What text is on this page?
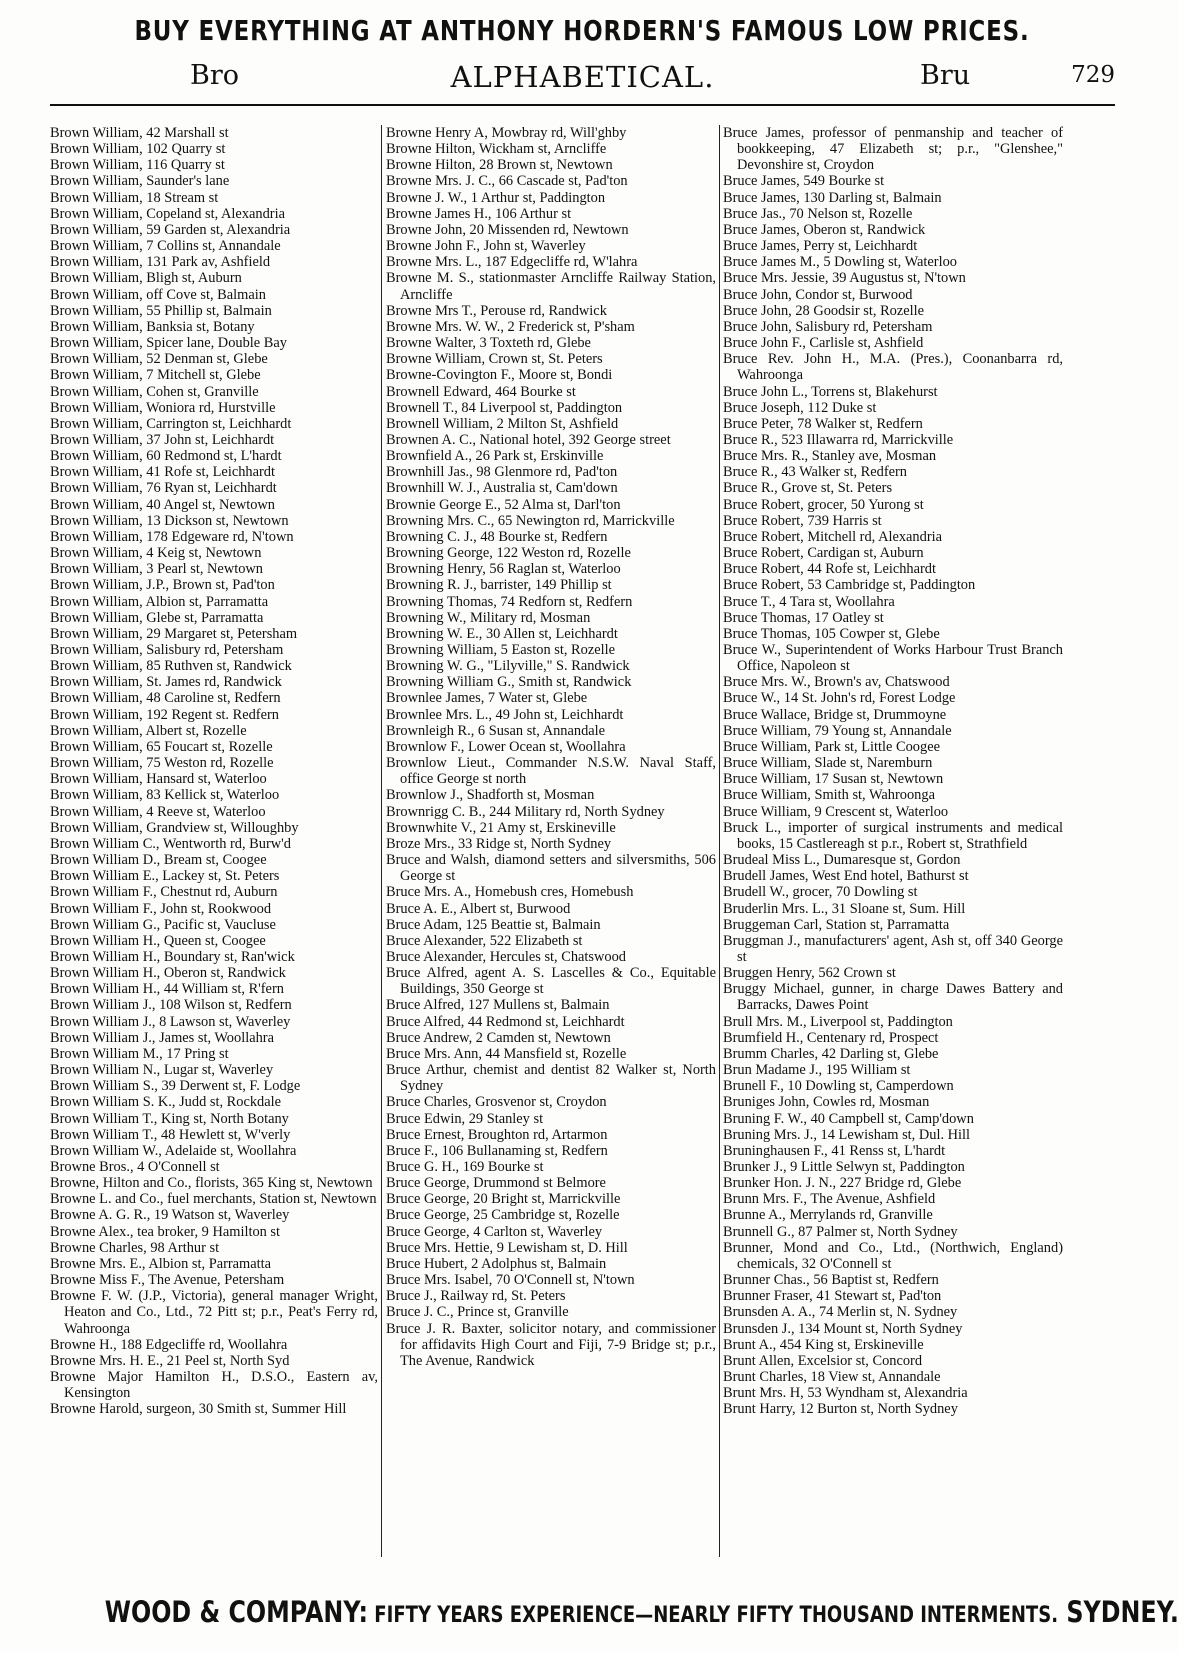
BUY EVERYTHING AT ANTHONY HORDERN'S FAMOUS LOW PRICES.
Bro	ALPHABETICAL.	Bru	729
Brown William, 42 Marshall st
Brown William, 102 Quarry st
Brown William, 116 Quarry st
Brown William, Saunder's lane
Brown William, 18 Stream st
Brown William, Copeland st, Alexandria
Brown William, 59 Garden st, Alexandria
Brown William, 7 Collins st, Annandale
Brown William, 131 Park av, Ashfield
Brown William, Bligh st, Auburn
Brown William, off Cove st, Balmain
Brown William, 55 Phillip st, Balmain
Brown William, Banksia st, Botany
Brown William, Spicer lane, Double Bay
Brown William, 52 Denman st, Glebe
Brown William, 7 Mitchell st, Glebe
Brown William, Cohen st, Granville
Brown William, Woniora rd, Hurstville
Brown William, Carrington st, Leichhardt
Brown William, 37 John st, Leichhardt
Brown William, 60 Redmond st, L'hardt
Brown William, 41 Rofe st, Leichhardt
Brown William, 76 Ryan st, Leichhardt
Brown William, 40 Angel st, Newtown
Brown William, 13 Dickson st, Newtown
Brown William, 178 Edgeware rd, N'town
Brown William, 4 Keig st, Newtown
Brown William, 3 Pearl st, Newtown
Brown William, J.P., Brown st, Pad'ton
Brown William, Albion st, Parramatta
Brown William, Glebe st, Parramatta
Brown William, 29 Margaret st, Petersham
Brown William, Salisbury rd, Petersham
Brown William, 85 Ruthven st, Randwick
Brown William, St. James rd, Randwick
Brown William, 48 Caroline st, Redfern
Brown William, 192 Regent st. Redfern
Brown William, Albert st, Rozelle
Brown William, 65 Foucart st, Rozelle
Brown William, 75 Weston rd, Rozelle
Brown William, Hansard st, Waterloo
Brown William, 83 Kellick st, Waterloo
Brown William, 4 Reeve st, Waterloo
Brown William, Grandview st, Willoughby
Brown William C., Wentworth rd, Burw'd
Brown William D., Bream st, Coogee
Brown William E., Lackey st, St. Peters
Brown William F., Chestnut rd, Auburn
Brown William F., John st, Rookwood
Brown William G., Pacific st, Vaucluse
Brown William H., Queen st, Coogee
Brown William H., Boundary st, Ran'wick
Brown William H., Oberon st, Randwick
Brown William H., 44 William st, R'fern
Brown William J., 108 Wilson st, Redfern
Brown William J., 8 Lawson st, Waverley
Brown William J., James st, Woollahra
Brown William M., 17 Pring st
Brown William N., Lugar st, Waverley
Brown William S., 39 Derwent st, F. Lodge
Brown William S. K., Judd st, Rockdale
Brown William T., King st, North Botany
Brown William T., 48 Hewlett st, W'verly
Brown William W., Adelaide st, Woollahra
Browne Bros., 4 O'Connell st
Browne, Hilton and Co., florists, 365 King st, Newtown
Browne L. and Co., fuel merchants, Station st, Newtown
Browne A. G. R., 19 Watson st, Waverley
Browne Alex., tea broker, 9 Hamilton st
Browne Charles, 98 Arthur st
Browne Mrs. E., Albion st, Parramatta
Browne Miss F., The Avenue, Petersham
Browne F. W. (J.P., Victoria), general manager Wright, Heaton and Co., Ltd., 72 Pitt st; p.r., Peat's Ferry rd, Wahroonga
Browne H., 188 Edgecliffe rd, Woollahra
Browne Mrs. H. E., 21 Peel st, North Syd
Browne Major Hamilton H., D.S.O., Eastern av, Kensington
Browne Harold, surgeon, 30 Smith st, Summer Hill
Browne Henry A, Mowbray rd, Will'ghby
Browne Hilton, Wickham st, Arncliffe
Browne Hilton, 28 Brown st, Newtown
Browne Mrs. J. C., 66 Cascade st, Pad'ton
Browne J. W., 1 Arthur st, Paddington
Browne James H., 106 Arthur st
Browne John, 20 Missenden rd, Newtown
Browne John F., John st, Waverley
Browne Mrs. L., 187 Edgecliffe rd, W'lahra
Browne M. S., stationmaster Arncliffe Railway Station, Arncliffe
Browne Mrs T., Perouse rd, Randwick
Browne Mrs. W. W., 2 Frederick st, P'sham
Browne Walter, 3 Toxteth rd, Glebe
Browne William, Crown st, St. Peters
Browne-Covington F., Moore st, Bondi
Brownell Edward, 464 Bourke st
Brownell T., 84 Liverpool st, Paddington
Brownell William, 2 Milton St, Ashfield
Brownen A. C., National hotel, 392 George street
Brownfield A., 26 Park st, Erskinville
Brownhill Jas., 98 Glenmore rd, Pad'ton
Brownhill W. J., Australia st, Cam'down
Brownie George E., 52 Alma st, Darl'ton
Browning Mrs. C., 65 Newington rd, Marrickville
Browning C. J., 48 Bourke st, Redfern
Browning George, 122 Weston rd, Rozelle
Browning Henry, 56 Raglan st, Waterloo
Browning R. J., barrister, 149 Phillip st
Browning Thomas, 74 Redforn st, Redfern
Browning W., Military rd, Mosman
Browning W. E., 30 Allen st, Leichhardt
Browning William, 5 Easton st, Rozelle
Browning W. G., "Lilyville," S. Randwick
Browning William G., Smith st, Randwick
Brownlee James, 7 Water st, Glebe
Brownlee Mrs. L., 49 John st, Leichhardt
Brownleigh R., 6 Susan st, Annandale
Brownlow F., Lower Ocean st, Woollahra
Brownlow Lieut., Commander N.S.W. Naval Staff, office George st north
Brownlow J., Shadforth st, Mosman
Brownrigg C. B., 244 Military rd, North Sydney
Brownwhite V., 21 Amy st, Erskineville
Broze Mrs., 33 Ridge st, North Sydney
Bruce and Walsh, diamond setters and silversmiths, 506 George st
Bruce Mrs. A., Homebush cres, Homebush
Bruce A. E., Albert st, Burwood
Bruce Adam, 125 Beattie st, Balmain
Bruce Alexander, 522 Elizabeth st
Bruce Alexander, Hercules st, Chatswood
Bruce Alfred, agent A. S. Lascelles & Co., Equitable Buildings, 350 George st
Bruce Alfred, 127 Mullens st, Balmain
Bruce Alfred, 44 Redmond st, Leichhardt
Bruce Andrew, 2 Camden st, Newtown
Bruce Mrs. Ann, 44 Mansfield st, Rozelle
Bruce Arthur, chemist and dentist 82 Walker st, North Sydney
Bruce Charles, Grosvenor st, Croydon
Bruce Edwin, 29 Stanley st
Bruce Ernest, Broughton rd, Artarmon
Bruce F., 106 Bullanaming st, Redfern
Bruce G. H., 169 Bourke st
Bruce George, Drummond st Belmore
Bruce George, 20 Bright st, Marrickville
Bruce George, 25 Cambridge st, Rozelle
Bruce George, 4 Carlton st, Waverley
Bruce Mrs. Hettie, 9 Lewisham st, D. Hill
Bruce Hubert, 2 Adolphus st, Balmain
Bruce Mrs. Isabel, 70 O'Connell st, N'town
Bruce J., Railway rd, St. Peters
Bruce J. C., Prince st, Granville
Bruce J. R. Baxter, solicitor notary, and commissioner for affidavits High Court and Fiji, 7-9 Bridge st; p.r., The Avenue, Randwick
Bruce James, professor of penmanship and teacher of bookkeeping, 47 Elizabeth st; p.r., "Glenshee," Devonshire st, Croydon
Bruce James, 549 Bourke st
Bruce James, 130 Darling st, Balmain
Bruce Jas., 70 Nelson st, Rozelle
Bruce James, Oberon st, Randwick
Bruce James, Perry st, Leichhardt
Bruce James M., 5 Dowling st, Waterloo
Bruce Mrs. Jessie, 39 Augustus st, N'town
Bruce John, Condor st, Burwood
Bruce John, 28 Goodsir st, Rozelle
Bruce John, Salisbury rd, Petersham
Bruce John F., Carlisle st, Ashfield
Bruce Rev. John H., M.A. (Pres.), Coonanbarra rd, Wahroonga
Bruce John L., Torrens st, Blakehurst
Bruce Joseph, 112 Duke st
Bruce Peter, 78 Walker st, Redfern
Bruce R., 523 Illawarra rd, Marrickville
Bruce Mrs. R., Stanley ave, Mosman
Bruce R., 43 Walker st, Redfern
Bruce R., Grove st, St. Peters
Bruce Robert, grocer, 50 Yurong st
Bruce Robert, 739 Harris st
Bruce Robert, Mitchell rd, Alexandria
Bruce Robert, Cardigan st, Auburn
Bruce Robert, 44 Rofe st, Leichhardt
Bruce Robert, 53 Cambridge st, Paddington
Bruce T., 4 Tara st, Woollahra
Bruce Thomas, 17 Oatley st
Bruce Thomas, 105 Cowper st, Glebe
Bruce W., Superintendent of Works Harbour Trust Branch Office, Napoleon st
Bruce Mrs. W., Brown's av, Chatswood
Bruce W., 14 St. John's rd, Forest Lodge
Bruce Wallace, Bridge st, Drummoyne
Bruce William, 79 Young st, Annandale
Bruce William, Park st, Little Coogee
Bruce William, Slade st, Naremburn
Bruce William, 17 Susan st, Newtown
Bruce William, Smith st, Wahroonga
Bruce William, 9 Crescent st, Waterloo
Bruck L., importer of surgical instruments and medical books, 15 Castlereagh st p.r., Robert st, Strathfield
Brudeal Miss L., Dumaresque st, Gordon
Brudell James, West End hotel, Bathurst st
Brudell W., grocer, 70 Dowling st
Bruderlin Mrs. L., 31 Sloane st, Sum. Hill
Bruggeman Carl, Station st, Parramatta
Bruggman J., manufacturers' agent, Ash st, off 340 George st
Bruggen Henry, 562 Crown st
Bruggy Michael, gunner, in charge Dawes Battery and Barracks, Dawes Point
Brull Mrs. M., Liverpool st, Paddington
Brumfield H., Centenary rd, Prospect
Brumm Charles, 42 Darling st, Glebe
Brun Madame J., 195 William st
Brunell F., 10 Dowling st, Camperdown
Bruniges John, Cowles rd, Mosman
Bruning F. W., 40 Campbell st, Camp'down
Bruning Mrs. J., 14 Lewisham st, Dul. Hill
Bruninghausen F., 41 Renss st, L'hardt
Brunker J., 9 Little Selwyn st, Paddington
Brunker Hon. J. N., 227 Bridge rd, Glebe
Brunn Mrs. F., The Avenue, Ashfield
Brunne A., Merrylands rd, Granville
Brunnell G., 87 Palmer st, North Sydney
Brunner, Mond and Co., Ltd., (Northwich, England) chemicals, 32 O'Connell st
Brunner Chas., 56 Baptist st, Redfern
Brunner Fraser, 41 Stewart st, Pad'ton
Brunsden A. A., 74 Merlin st, N. Sydney
Brunsden J., 134 Mount st, North Sydney
Brunt A., 454 King st, Erskineville
Brunt Allen, Excelsior st, Concord
Brunt Charles, 18 View st, Annandale
Brunt Mrs. H, 53 Wyndham st, Alexandria
Brunt Harry, 12 Burton st, North Sydney
WOOD & COMPANY: FIFTY YEARS EXPERIENCE—NEARLY FIFTY THOUSAND INTERMENTS. SYDNEY.
